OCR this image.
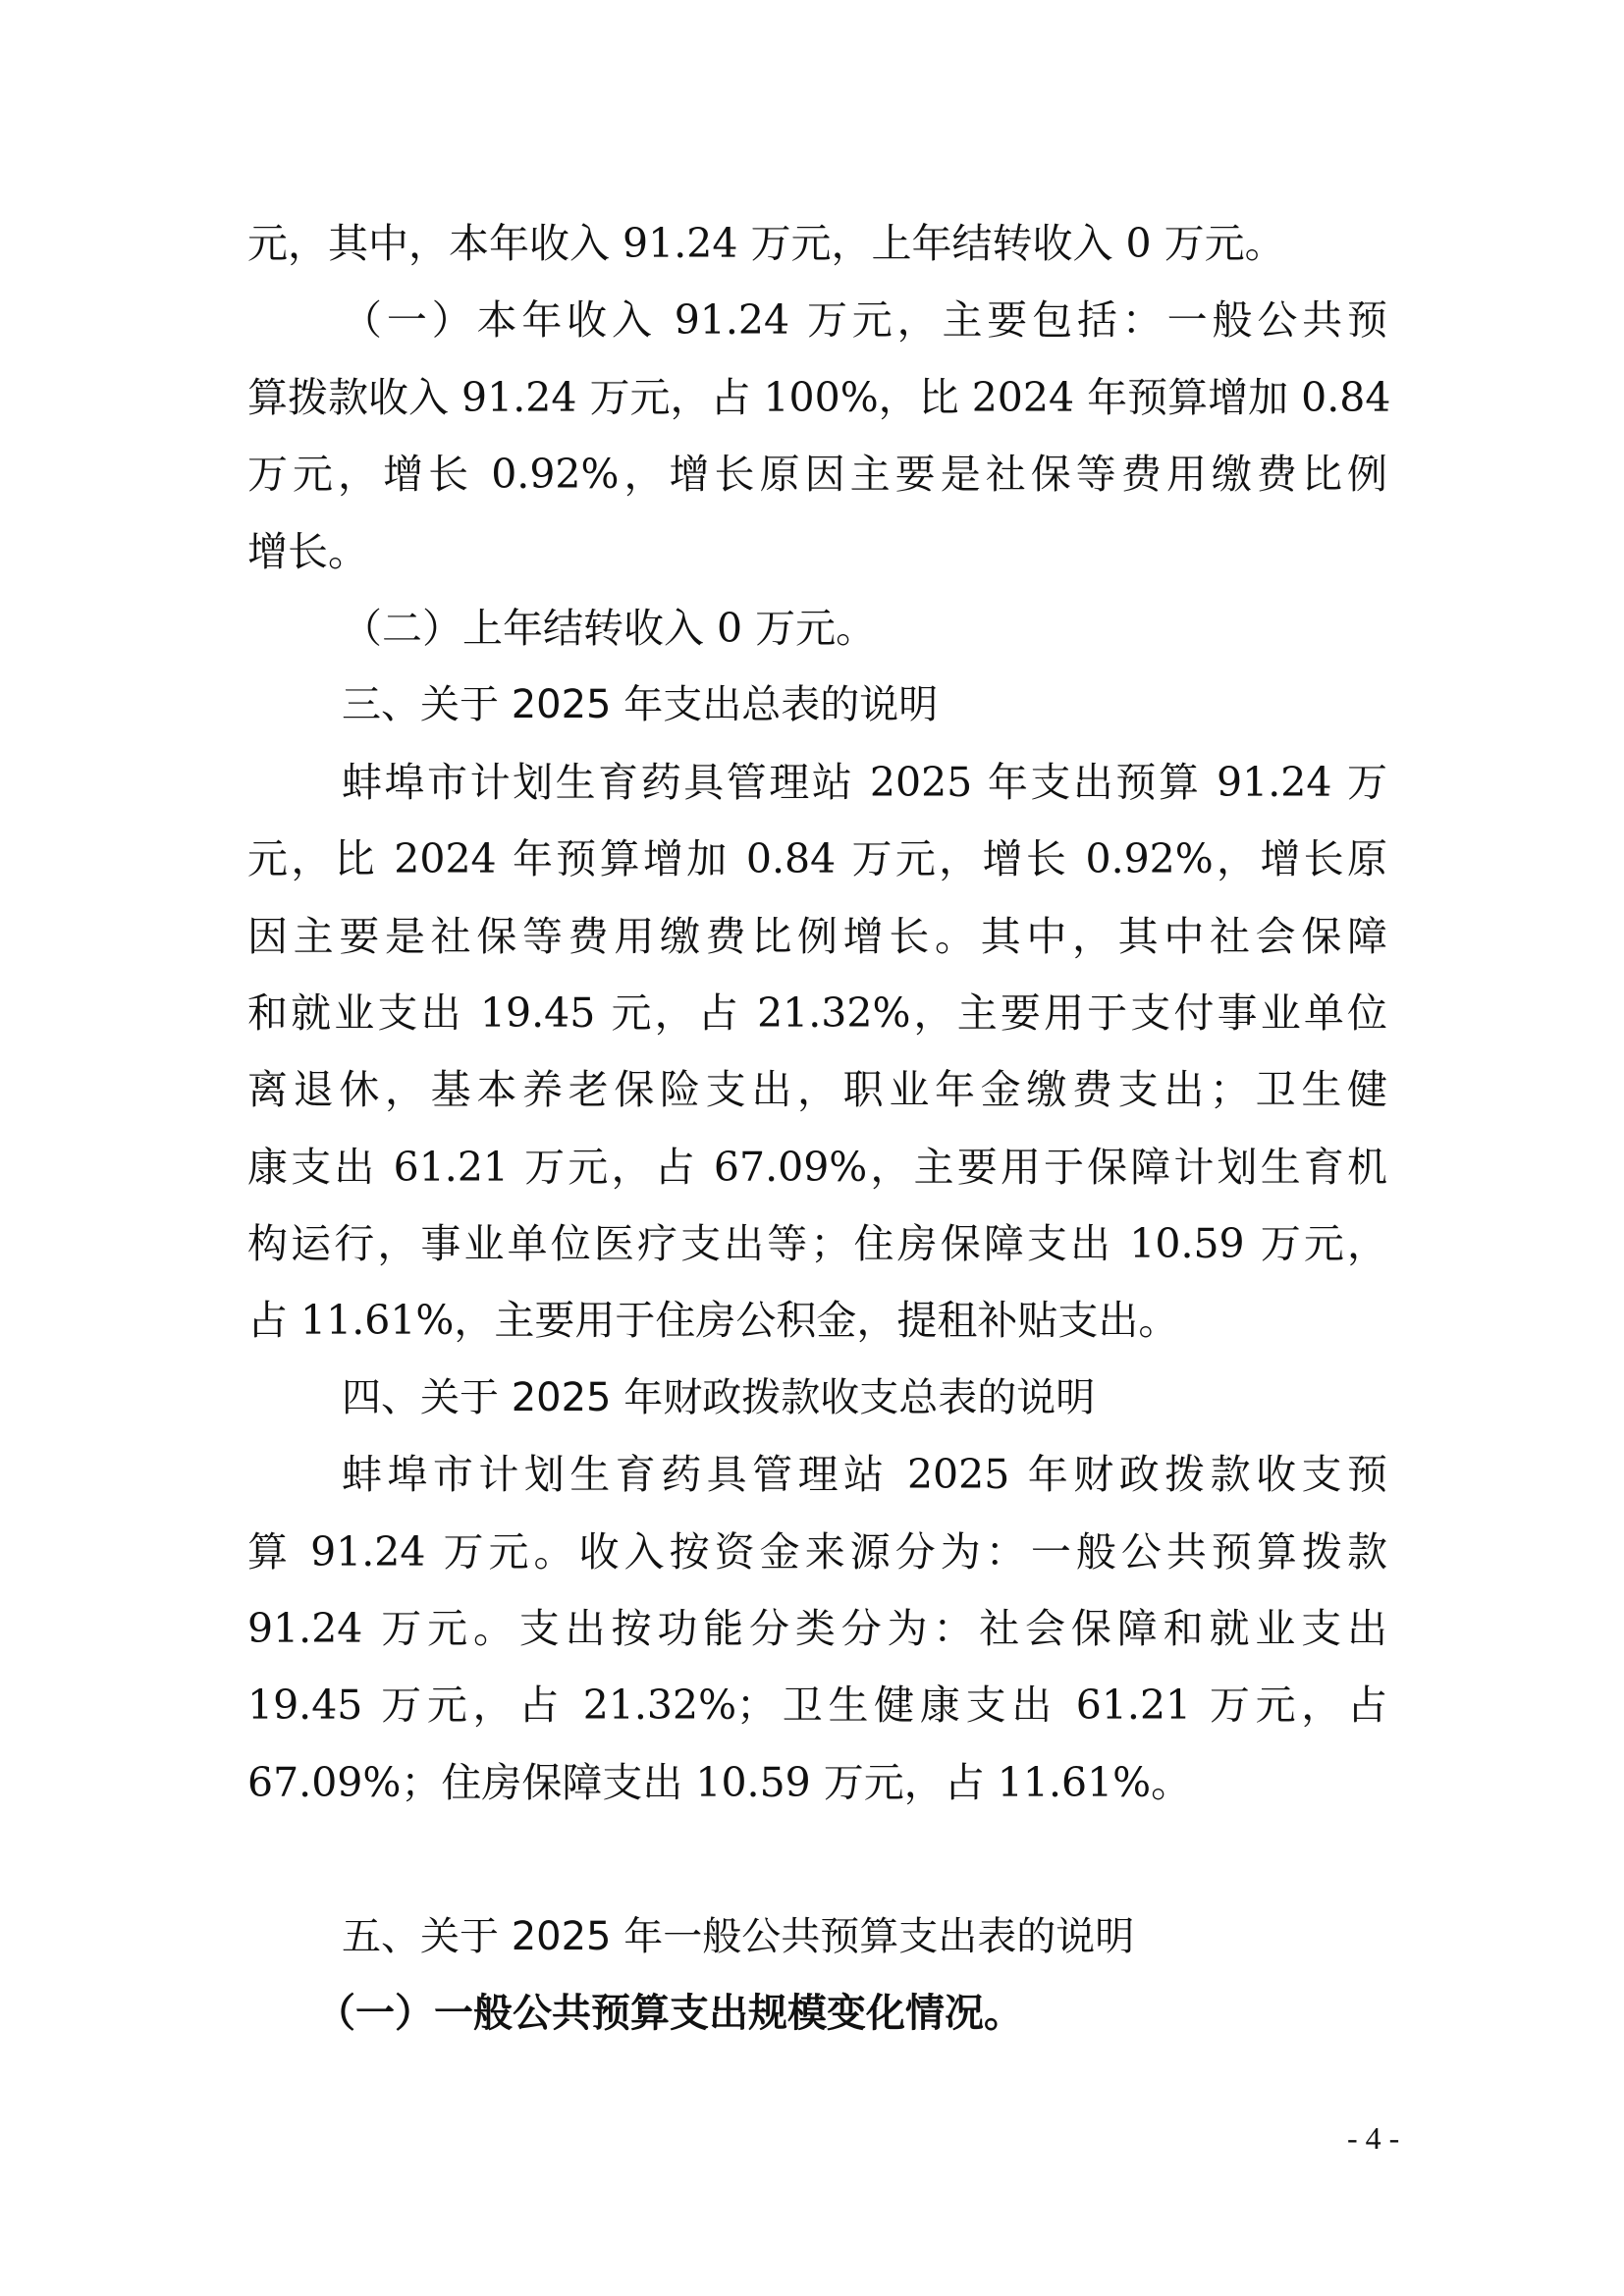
元，其中，本年收入 91.24 万元，上年结转收入 0 万元。
（一）本年收入 91.24 万元，主要包括：一般公共预
算拨款收入 91.24 万元，占 100%，比 2024 年预算增加 0.84
万元，增长 0.92%，增长原因主要是社保等费用缴费比例
增长。
（二）上年结转收入 0 万元。
三、关于 2025 年支出总表的说明
蚌埠市计划生育药具管理站 2025 年支出预算 91.24 万
元，比 2024 年预算增加 0.84 万元，增长 0.92%，增长原
因主要是社保等费用缴费比例增长。其中，其中社会保障
和就业支出 19.45 元，占 21.32%，主要用于支付事业单位
离退休，基本养老保险支出，职业年金缴费支出；卫生健
康支出 61.21 万元，占 67.09%，主要用于保障计划生育机
构运行，事业单位医疗支出等；住房保障支出 10.59 万元，
占 11.61%，主要用于住房公积金，提租补贴支出。
四、关于 2025 年财政拨款收支总表的说明
蚌埠市计划生育药具管理站 2025 年财政拨款收支预
算 91.24 万元。收入按资金来源分为：一般公共预算拨款
91.24 万元。支出按功能分类分为：社会保障和就业支出
19.45 万元，占 21.32%；卫生健康支出 61.21 万元，占
67.09%；住房保障支出 10.59 万元，占 11.61%。
五、关于 2025 年一般公共预算支出表的说明
（一）一般公共预算支出规模变化情况。
- 4 -
